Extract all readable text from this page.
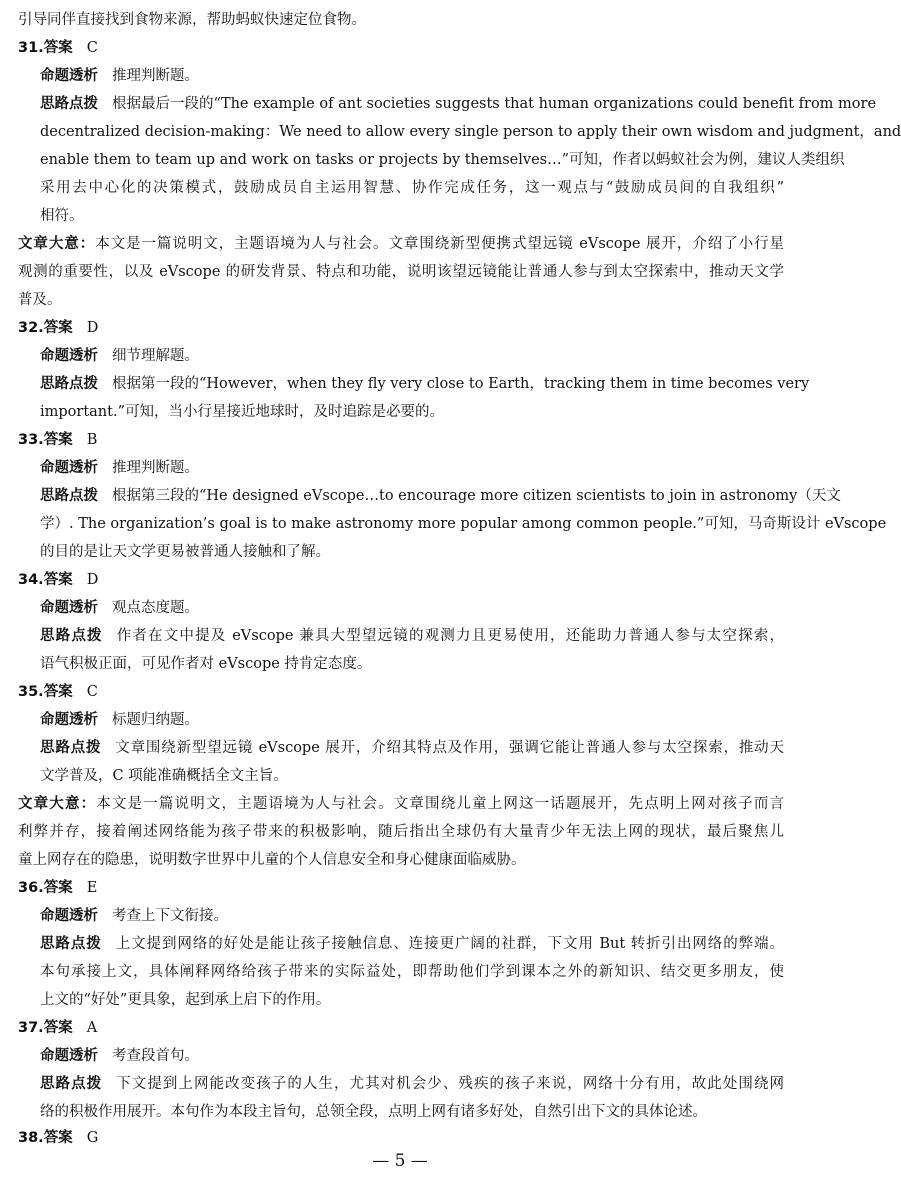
引导同伴直接找到食物来源，帮助蚂蚁快速定位食物。
31.答案 C
命题透析 推理判断题。
思路点拨 根据最后一段的“The example of ant societies suggests that human organizations could benefit from more
decentralized decision-making：We need to allow every single person to apply their own wisdom and judgment，and
enable them to team up and work on tasks or projects by themselves…”可知，作者以蚂蚁社会为例，建议人类组织
采用去中心化的决策模式，鼓励成员自主运用智慧、协作完成任务，这一观点与“鼓励成员间的自我组织”
相符。
文章大意：本文是一篇说明文，主题语境为人与社会。文章围绕新型便携式望远镜 eVscope 展开，介绍了小行星
观测的重要性，以及 eVscope 的研发背景、特点和功能，说明该望远镜能让普通人参与到太空探索中，推动天文学
普及。
32.答案 D
命题透析 细节理解题。
思路点拨 根据第一段的“However，when they fly very close to Earth，tracking them in time becomes very
important.”可知，当小行星接近地球时，及时追踪是必要的。
33.答案 B
命题透析 推理判断题。
思路点拨 根据第三段的“He designed eVscope…to encourage more citizen scientists to join in astronomy（天文
学）. The organization’s goal is to make astronomy more popular among common people.”可知，马奇斯设计 eVscope
的目的是让天文学更易被普通人接触和了解。
34.答案 D
命题透析 观点态度题。
思路点拨 作者在文中提及 eVscope 兼具大型望远镜的观测力且更易使用，还能助力普通人参与太空探索，
语气积极正面，可见作者对 eVscope 持肯定态度。
35.答案 C
命题透析 标题归纳题。
思路点拨 文章围绕新型望远镜 eVscope 展开，介绍其特点及作用，强调它能让普通人参与太空探索，推动天
文学普及，C 项能准确概括全文主旨。
文章大意：本文是一篇说明文，主题语境为人与社会。文章围绕儿童上网这一话题展开，先点明上网对孩子而言
利弊并存，接着阐述网络能为孩子带来的积极影响，随后指出全球仍有大量青少年无法上网的现状，最后聚焦儿
童上网存在的隐患，说明数字世界中儿童的个人信息安全和身心健康面临威胁。
36.答案 E
命题透析 考查上下文衔接。
思路点拨 上文提到网络的好处是能让孩子接触信息、连接更广阔的社群，下文用 But 转折引出网络的弊端。
本句承接上文，具体阐释网络给孩子带来的实际益处，即帮助他们学到课本之外的新知识、结交更多朋友，使
上文的“好处”更具象，起到承上启下的作用。
37.答案 A
命题透析 考查段首句。
思路点拨 下文提到上网能改变孩子的人生，尤其对机会少、残疾的孩子来说，网络十分有用，故此处围绕网
络的积极作用展开。本句作为本段主旨句，总领全段，点明上网有诸多好处，自然引出下文的具体论述。
38.答案 G
— 5 —
